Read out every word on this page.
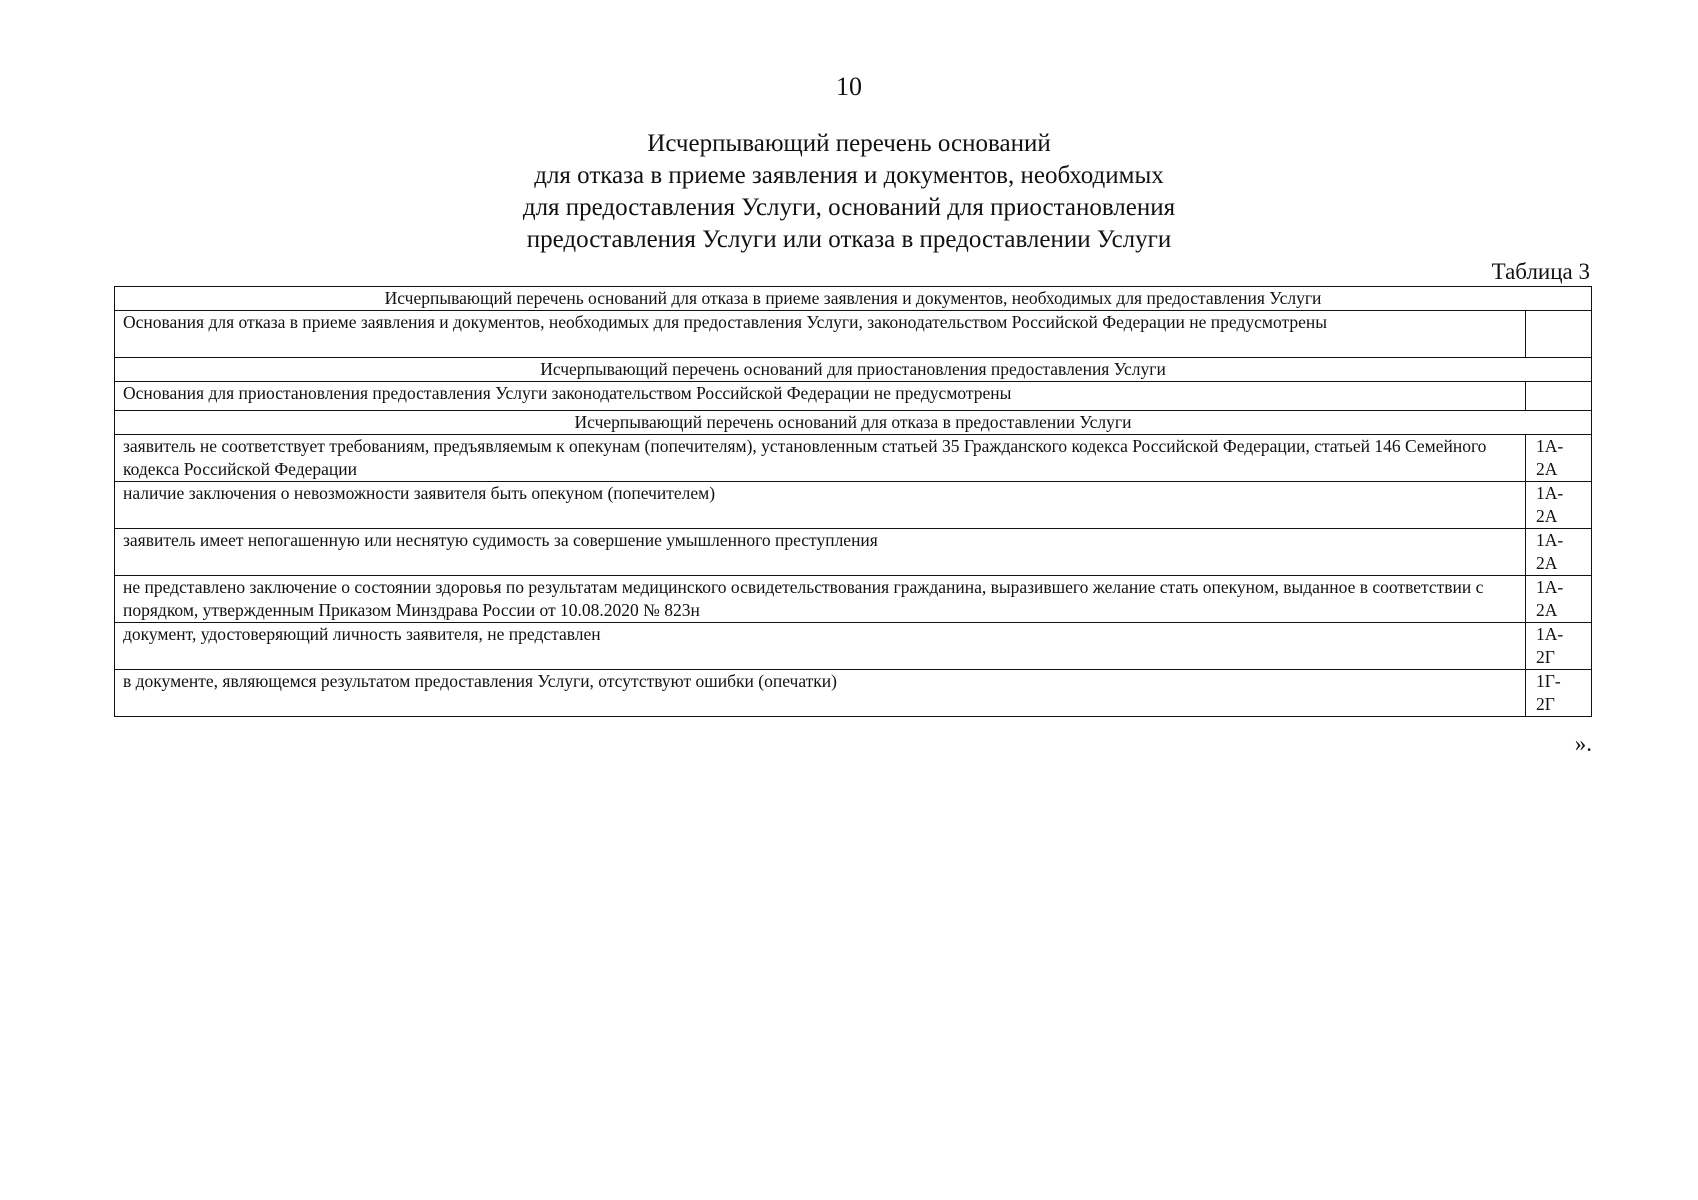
10
Исчерпывающий перечень оснований
для отказа в приеме заявления и документов, необходимых
для предоставления Услуги, оснований для приостановления
предоставления Услуги или отказа в предоставлении Услуги
Таблица 3
Исчерпывающий перечень оснований для отказа в приеме заявления и документов, необходимых для предоставления Услуги	
Основания для отказа в приеме заявления и документов, необходимых для предоставления Услуги, законодательством Российской Федерации не предусмотрены	
Исчерпывающий перечень оснований для приостановления предоставления Услуги	
Основания для приостановления предоставления Услуги законодательством Российской Федерации не предусмотрены	
Исчерпывающий перечень оснований для отказа в предоставлении Услуги	
заявитель не соответствует требованиям, предъявляемым к опекунам (попечителям), установленным статьей 35 Гражданского кодекса Российской Федерации, статьей 146 Семейного кодекса Российской Федерации	1А-
2А
наличие заключения о невозможности заявителя быть опекуном (попечителем)	1А-
2А
заявитель имеет непогашенную или неснятую судимость за совершение умышленного преступления	1А-
2А
не представлено заключение о состоянии здоровья по результатам медицинского освидетельствования гражданина, выразившего желание стать опекуном, выданное в соответствии с порядком, утвержденным Приказом Минздрава России от 10.08.2020 № 823н	1А-
2А
документ, удостоверяющий личность заявителя, не представлен	1А-
2Г
в документе, являющемся результатом предоставления Услуги, отсутствуют ошибки (опечатки)	1Г-
2Г
».
